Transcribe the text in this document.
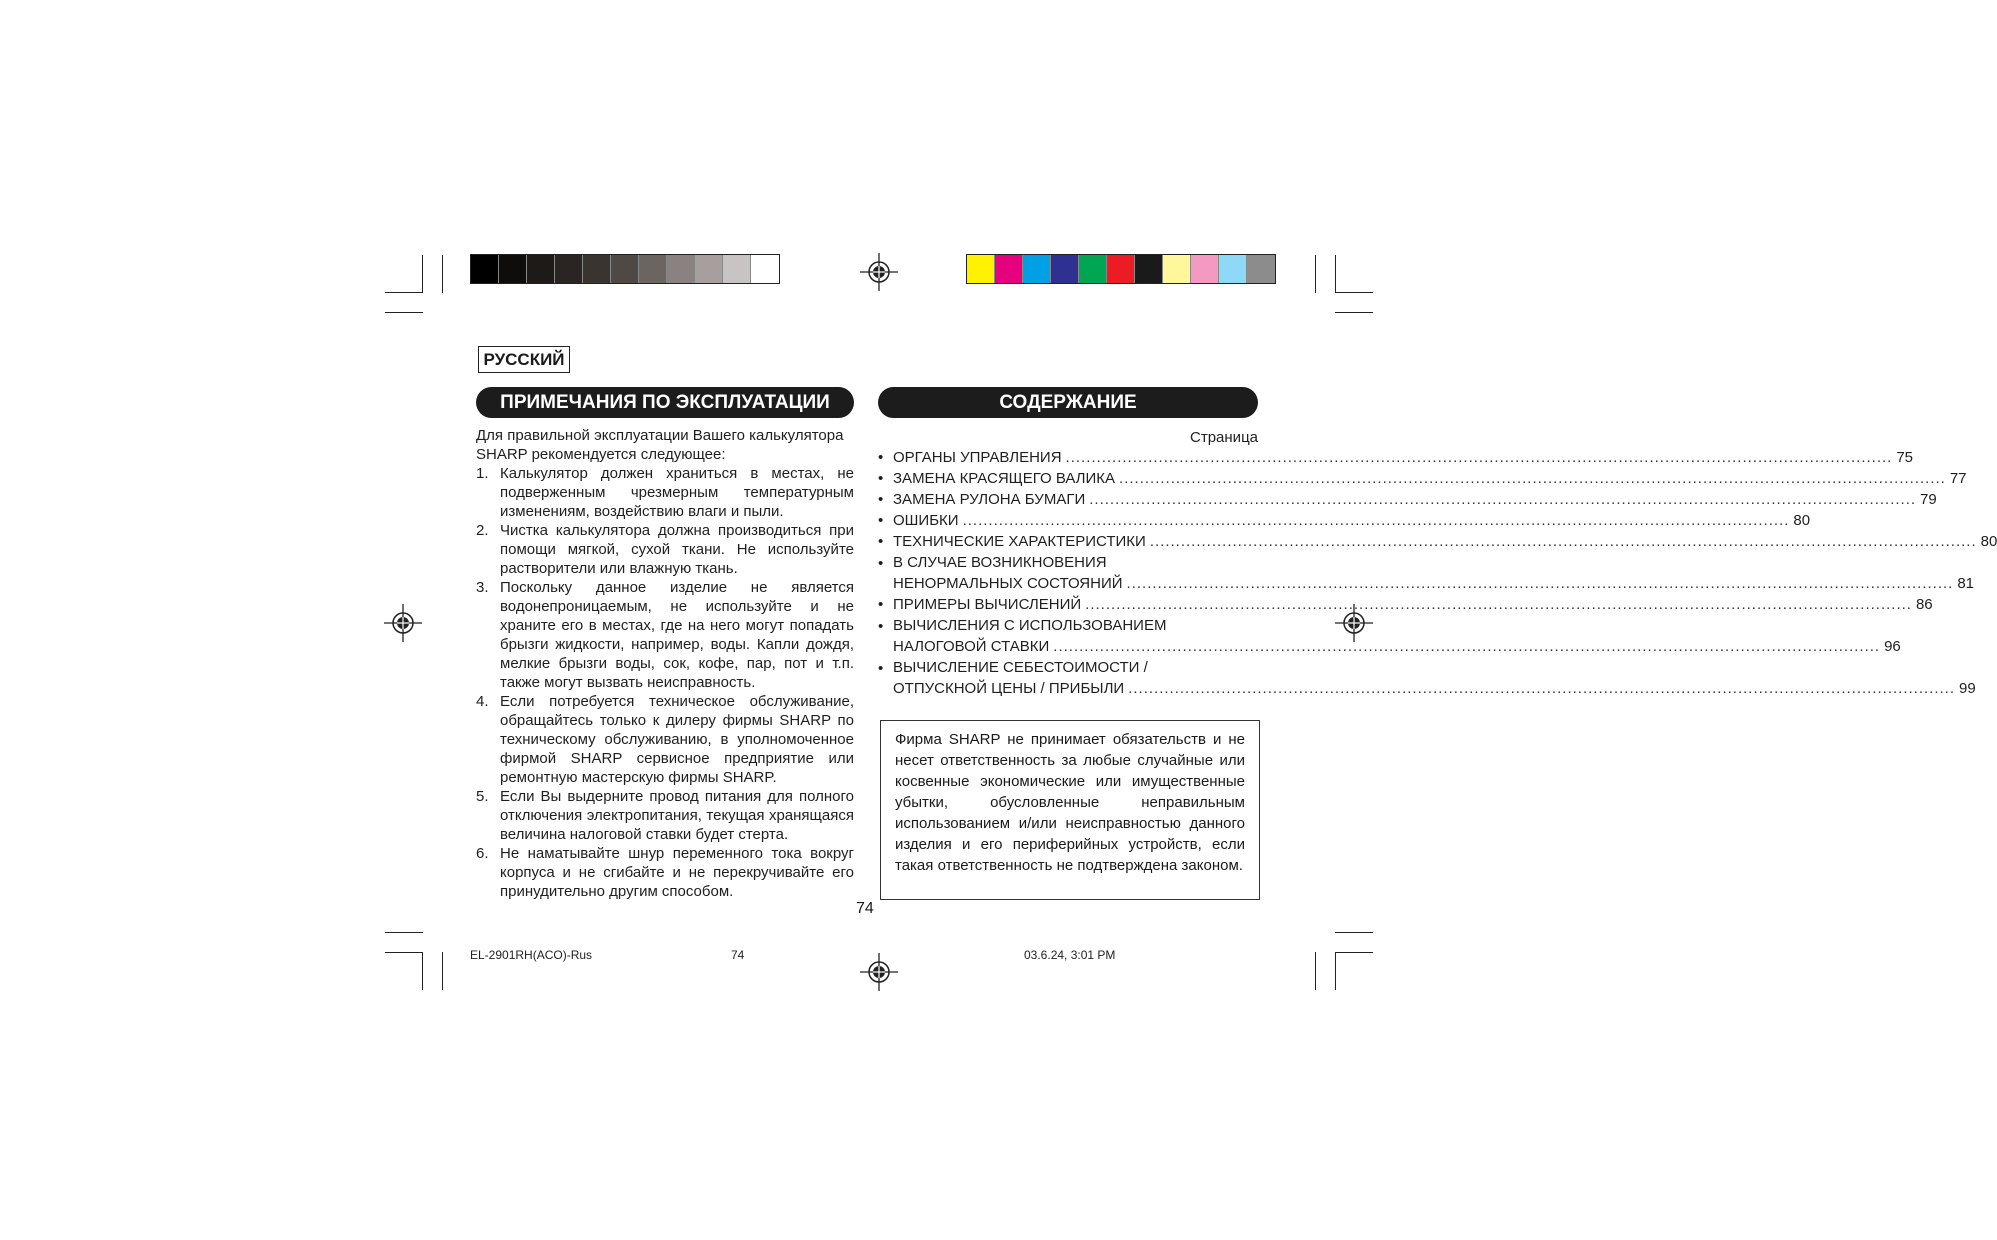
РУССКИЙ
ПРИМЕЧАНИЯ ПО ЭКСПЛУАТАЦИИ	СОДЕРЖАНИЕ
Для правильной эксплуатации Вашего калькулятора SHARP рекомендуется следующее:
1. Калькулятор должен храниться в местах, не подверженным чрезмерным температурным изменениям, воздействию влаги и пыли.
2. Чистка калькулятора должна производиться при помощи мягкой, сухой ткани. Не используйте растворители или влажную ткань.
3. Поскольку данное изделие не является водонепроницаемым, не используйте и не храните его в местах, где на него могут попадать брызги жидкости, например, воды. Капли дождя, мелкие брызги воды, сок, кофе, пар, пот и т.п. также могут вызвать неисправность.
4. Если потребуется техническое обслуживание, обращайтесь только к дилеру фирмы SHARP по техническому обслуживанию, в уполномоченное фирмой SHARP сервисное предприятие или ремонтную мастерскую фирмы SHARP.
5. Если Вы выдерните провод питания для полного отключения электропитания, текущая хранящаяся величина налоговой ставки будет стерта.
6. Не наматывайте шнур переменного тока вокруг корпуса и не сгибайте и не перекручивайте его принудительно другим способом.
Страница
• ОРГАНЫ УПРАВЛЕНИЯ .....	75
• ЗАМЕНА КРАСЯЩЕГО ВАЛИКА .....	77
• ЗАМЕНА РУЛОНА БУМАГИ .....	79
• ОШИБКИ .....	80
• ТЕХНИЧЕСКИЕ ХАРАКТЕРИСТИКИ .....	80
• В СЛУЧАЕ ВОЗНИКНОВЕНИЯ
НЕНОРМАЛЬНЫХ СОСТОЯНИЙ .....	81
• ПРИМЕРЫ ВЫЧИСЛЕНИЙ .....	86
• ВЫЧИСЛЕНИЯ С ИСПОЛЬЗОВАНИЕМ
НАЛОГОВОЙ СТАВКИ .....	96
• ВЫЧИСЛЕНИЕ СЕБЕСТОИМОСТИ /
ОТПУСКНОЙ ЦЕНЫ / ПРИБЫЛИ .....	99
Фирма SHARP не принимает обязательств и не несет ответственность за любые случайные или косвенные экономические или имущественные убытки, обусловленные неправильным использованием и/или неисправностью данного изделия и его периферийных устройств, если такая ответственность не подтверждена законом.
74
EL-2901RH(ACO)-Rus	74	03.6.24, 3:01 PM
